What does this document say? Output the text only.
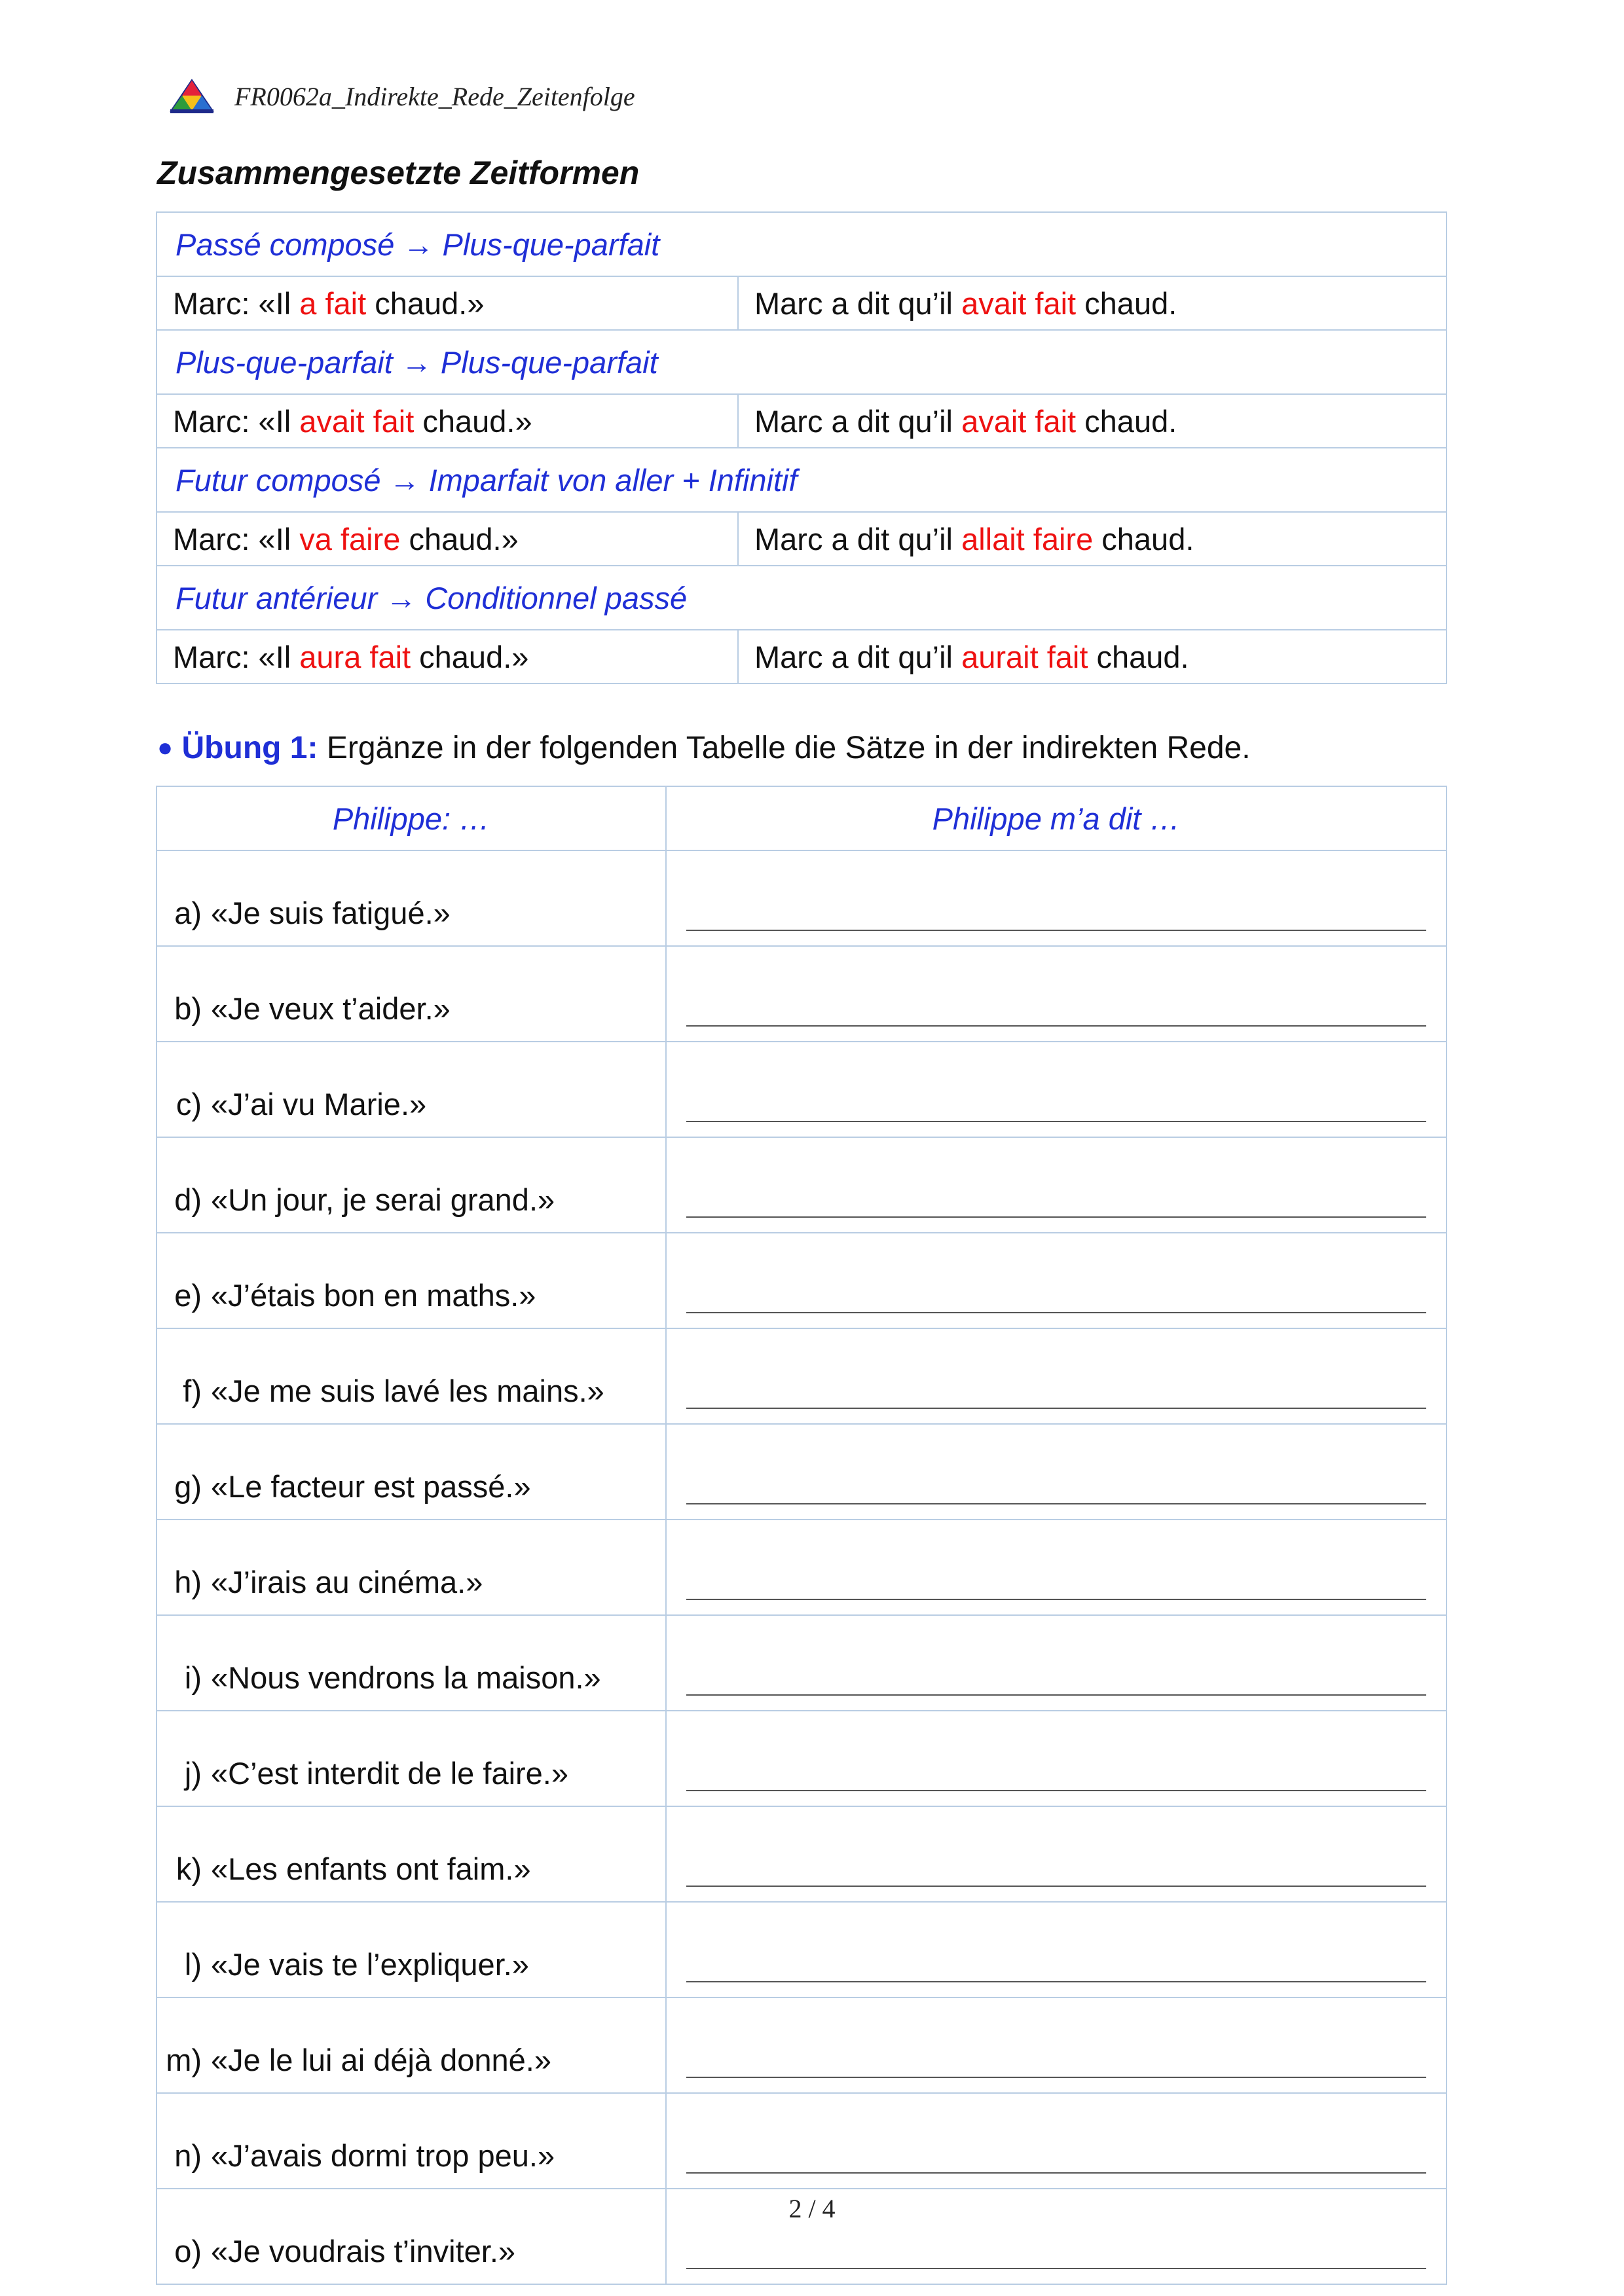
FR0062a_Indirekte_Rede_Zeitenfolge
Zusammengesetzte Zeitformen
Passé composé → Plus-que-parfait	
Marc: «Il a fait chaud.»	Marc a dit qu’il avait fait chaud.
Plus-que-parfait → Plus-que-parfait	
Marc: «Il avait fait chaud.»	Marc a dit qu’il avait fait chaud.
Futur composé → Imparfait von aller + Infinitif	
Marc: «Il va faire chaud.»	Marc a dit qu’il allait faire chaud.
Futur antérieur → Conditionnel passé	
Marc: «Il aura fait chaud.»	Marc a dit qu’il aurait fait chaud.
● Übung 1: Ergänze in der folgenden Tabelle die Sätze in der indirekten Rede.
Philippe: …	Philippe m’a dit …
a) «Je suis fatigué.»	

b) «Je veux t’aider.»	

c) «J’ai vu Marie.»	

d) «Un jour, je serai grand.»	

e) «J’étais bon en maths.»	

f) «Je me suis lavé les mains.»	

g) «Le facteur est passé.»	

h) «J’irais au cinéma.»	

i) «Nous vendrons la maison.»	

j) «C’est interdit de le faire.»	

k) «Les enfants ont faim.»	

l) «Je vais te l’expliquer.»	

m) «Je le lui ai déjà donné.»	

n) «J’avais dormi trop peu.»	

o) «Je voudrais t’inviter.»	
2 / 4
